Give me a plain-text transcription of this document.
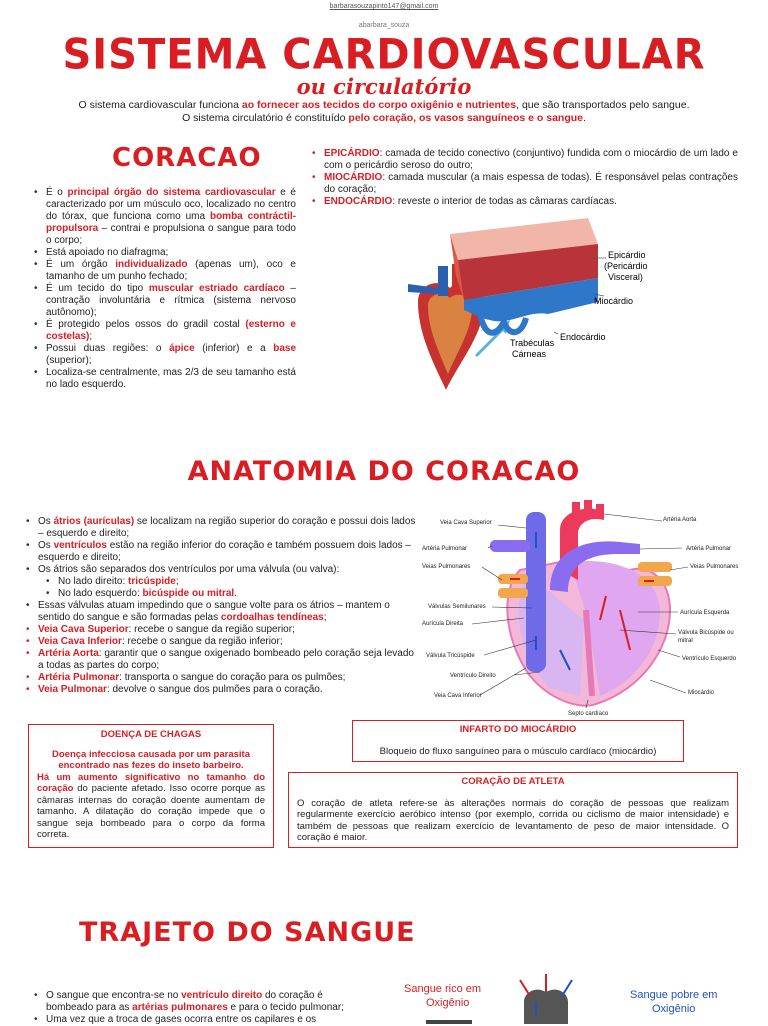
barbarasouzapinto147@gmail.com
abarbara_souza
SISTEMA CARDIOVASCULAR
ou circulatório
O sistema cardiovascular funciona ao fornecer aos tecidos do corpo oxigênio e nutrientes, que são transportados pelo sangue.
O sistema circulatório é constituído pelo coração, os vasos sanguíneos e o sangue.
CORACAO
• É o principal órgão do sistema cardiovascular e é caracterizado por um músculo oco, localizado no centro do tórax, que funciona como uma bomba contráctil-propulsora – contrai e propulsiona o sangue para todo o corpo;
• Está apoiado no diafragma;
• É um órgão individualizado (apenas um), oco e tamanho de um punho fechado;
• É um tecido do tipo muscular estriado cardíaco – contração involuntária e rítmica (sistema nervoso autônomo);
• É protegido pelos ossos do gradil costal (esterno e costelas);
• Possui duas regiões: o ápice (inferior) e a base (superior);
• Localiza-se centralmente, mas 2/3 de seu tamanho está no lado esquerdo.
• EPICÁRDIO: camada de tecido conectivo (conjuntivo) fundida com o miocárdio de um lado e com o pericárdio seroso do outro;
• MIOCÁRDIO: camada muscular (a mais espessa de todas). É responsável pelas contrações do coração;
• ENDOCÁRDIO: reveste o interior de todas as câmaras cardíacas.
Epicárdio
(Pericárdio
Visceral)
Miocárdio
Endocárdio
Trabéculas
Cárneas
ANATOMIA DO CORACAO
• Os átrios (aurículas) se localizam na região superior do coração e possui dois lados – esquerdo e direito;
• Os ventrículos estão na região inferior do coração e também possuem dois lados – esquerdo e direito;
• Os átrios são separados dos ventrículos por uma válvula (ou valva):
• No lado direito: tricúspide;
• No lado esquerdo: bicúspide ou mitral.
• Essas válvulas atuam impedindo que o sangue volte para os átrios – mantem o sentido do sangue e são formadas pelas cordoalhas tendíneas;
• Veia Cava Superior: recebe o sangue da região superior;
• Veia Cava Inferior: recebe o sangue da região inferior;
• Artéria Aorta: garantir que o sangue oxigenado bombeado pelo coração seja levado a todas as partes do corpo;
• Artéria Pulmonar: transporta o sangue do coração para os pulmões;
• Veia Pulmonar: devolve o sangue dos pulmões para o coração.
Veia Cava Superior	Artéria Aorta
Artéria Pulmonar	Artéria Pulmonar
Veias Pulmonares	Veias Pulmonares
Válvulas Semilunares
Aurícula Esquerda
Aurícula Direita
Válvula Bicúspide ou
mitral
Válvula Tricúspide	Ventrículo Esquerdo
Ventrículo Direito
Miocárdio
Veia Cava Inferior
Septo cardíaco
DOENÇA DE CHAGAS
Doença infecciosa causada por um parasita encontrado nas fezes do inseto barbeiro.
Há um aumento significativo no tamanho do coração do paciente afetado. Isso ocorre porque as câmaras internas do coração doente aumentam de tamanho. A dilatação do coração impede que o sangue seja bombeado para o corpo da forma correta.
INFARTO DO MIOCÁRDIO
Bloqueio do fluxo sanguíneo para o músculo cardíaco (miocárdio)
CORAÇÃO DE ATLETA
O coração de atleta refere-se às alterações normais do coração de pessoas que realizam regularmente exercício aeróbico intenso (por exemplo, corrida ou ciclismo de maior intensidade) e também de pessoas que realizam exercício de levantamento de peso de maior intensidade. O coração é maior.
TRAJETO DO SANGUE
• O sangue que encontra-se no ventrículo direito do coração é bombeado para as artérias pulmonares e para o tecido pulmonar;
• Uma vez que a troca de gases ocorra entre os capilares e os
Sangue rico em
Oxigênio
Sangue pobre em
Oxigênio
